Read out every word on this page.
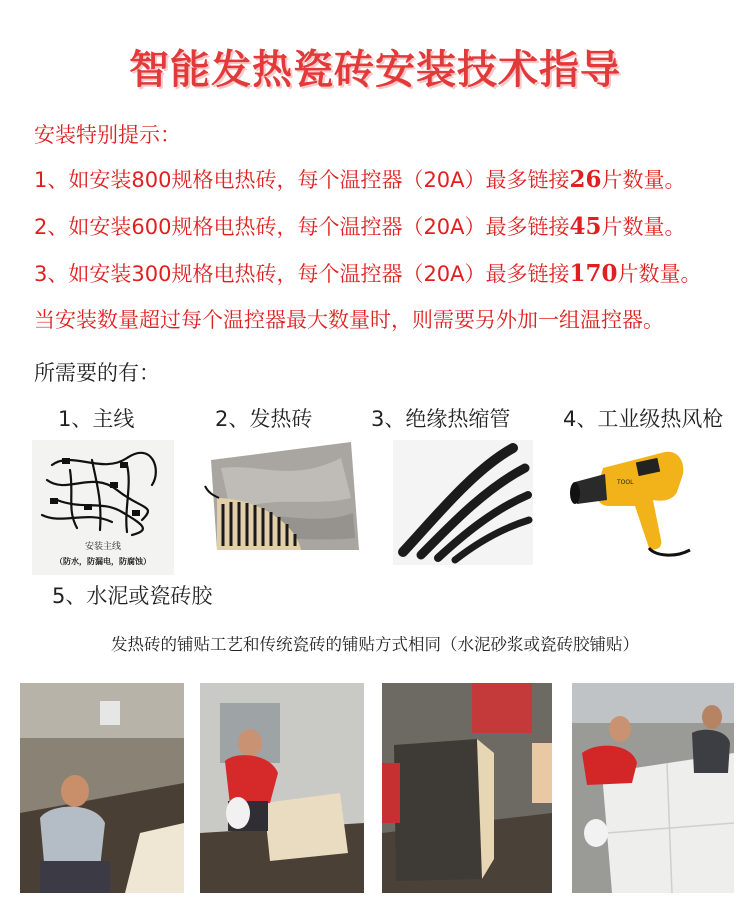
智能发热瓷砖安装技术指导
安装特别提示：
1、如安装800规格电热砖，每个温控器（20A）最多链接26片数量。
2、如安装600规格电热砖，每个温控器（20A）最多链接45片数量。
3、如安装300规格电热砖，每个温控器（20A）最多链接170片数量。
当安装数量超过每个温控器最大数量时，则需要另外加一组温控器。
所需要的有：
1、主线	2、发热砖	3、绝缘热缩管	4、工业级热风枪
5、水泥或瓷砖胶
安装主线
（防水，防漏电，防腐蚀）
TOOL
发热砖的铺贴工艺和传统瓷砖的铺贴方式相同（水泥砂浆或瓷砖胶铺贴）
